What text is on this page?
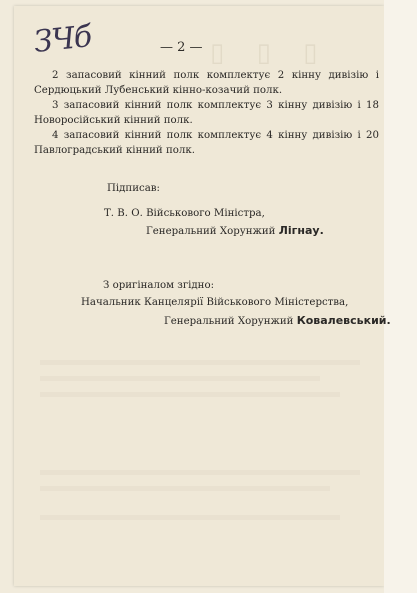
▯ ▯ ▯
ЗЧб	— 2 —

2 запасовий кінний полк комплектує 2 кінну дивізію і Сердюцький Лубенський кінно-козачий полк.

3 запасовий кінний полк комплектує 3 кінну дивізію і 18 Новоросійський кінний полк.

4 запасовий кінний полк комплектує 4 кінну дивізію і 20 Павлоградський кінний полк.

Підписав:
Т. В. О. Військового Міністра,
Генеральний Хорунжий Лігнау.
З оригіналом згідно:
Начальник Канцелярії Військового Міністерства,
Генеральний Хорунжий Ковалевський.
